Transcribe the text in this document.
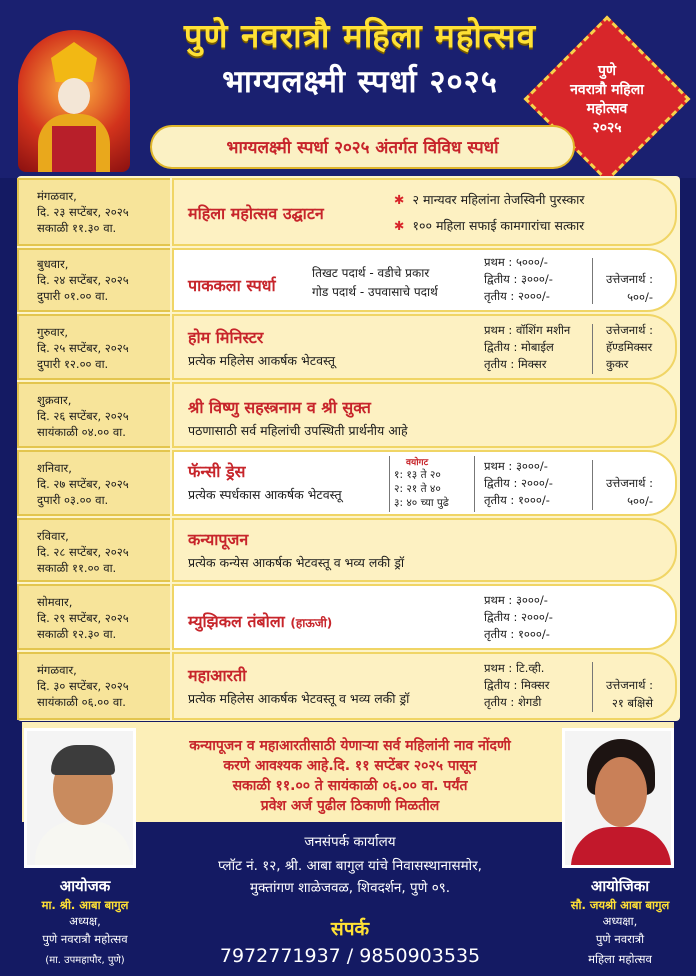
पुणे नवरात्रौ महिला महोत्सव
भाग्यलक्ष्मी स्पर्धा २०२५	पुणे
नवरात्रौ महिला
महोत्सव
२०२५
भाग्यलक्ष्मी स्पर्धा २०२५ अंतर्गत विविध स्पर्धा
मंगळवार,
दि. २३ सप्टेंबर, २०२५
सकाळी ११.३० वा.
महिला महोत्सव उद्घाटन
✱ २ मान्यवर महिलांना तेजस्विनी पुरस्कार
✱ १०० महिला सफाई कामगारांचा सत्कार
बुधवार,
दि. २४ सप्टेंबर, २०२५
दुपारी ०१.०० वा.
पाककला स्पर्धा
तिखट पदार्थ - वडीचे प्रकार
गोड पदार्थ - उपवासाचे पदार्थ
प्रथम : ५०००/-
द्वितीय : ३०००/-
तृतीय : २०००/-
उत्तेजनार्थ :
५००/-
गुरुवार,
दि. २५ सप्टेंबर, २०२५
दुपारी १२.०० वा.
होम मिनिस्टर
प्रत्येक महिलेस आकर्षक भेटवस्तू
प्रथम : वॉशिंग मशीन
द्वितीय : मोबाईल
तृतीय : मिक्सर
उत्तेजनार्थ :
हॅण्डमिक्सर
कुकर
शुक्रवार,
दि. २६ सप्टेंबर, २०२५
सायंकाळी ०४.०० वा.
श्री विष्णु सहस्त्रनाम व श्री सुक्त
पठणासाठी सर्व महिलांची उपस्थिती प्रार्थनीय आहे
शनिवार,
दि. २७ सप्टेंबर, २०२५
दुपारी ०३.०० वा.
फॅन्सी ड्रेस
प्रत्येक स्पर्धकास आकर्षक भेटवस्तू
वयोगट
१: १३ ते २०
२: २१ ते ४०
३: ४० च्या पुढे
प्रथम : ३०००/-
द्वितीय : २०००/-
तृतीय : १०००/-
उत्तेजनार्थ :
५००/-
रविवार,
दि. २८ सप्टेंबर, २०२५
सकाळी ११.०० वा.
कन्यापूजन
प्रत्येक कन्येस आकर्षक भेटवस्तू व भव्य लकी ड्रॉ
सोमवार,
दि. २९ सप्टेंबर, २०२५
सकाळी १२.३० वा.
म्युझिकल तंबोला (हाऊजी)
प्रथम : ३०००/-
द्वितीय : २०००/-
तृतीय : १०००/-
मंगळवार,
दि. ३० सप्टेंबर, २०२५
सायंकाळी ०६.०० वा.
महाआरती
प्रत्येक महिलेस आकर्षक भेटवस्तू व भव्य लकी ड्रॉ
प्रथम : टि.व्ही.
द्वितीय : मिक्सर
तृतीय : शेगडी
उत्तेजनार्थ :
२१ बक्षिसे
कन्यापूजन व महाआरतीसाठी येणाऱ्या सर्व महिलांनी नाव नोंदणी
करणे आवश्यक आहे.दि. ११ सप्टेंबर २०२५ पासून
सकाळी ११.०० ते सायंकाळी ०६.०० वा. पर्यंत
प्रवेश अर्ज पुढील ठिकाणी मिळतील
जनसंपर्क कार्यालय
प्लॉट नं. १२, श्री. आबा बागुल यांचे निवासस्थानासमोर,
मुक्तांगण शाळेजवळ, शिवदर्शन, पुणे ०९.
संपर्क
7972771937 / 9850903535
आयोजक
मा. श्री. आबा बागुल
अध्यक्ष,
पुणे नवरात्रौ महोत्सव
(मा. उपमहापौर, पुणे)
आयोजिका
सौ. जयश्री आबा बागुल
अध्यक्षा,
पुणे नवरात्रौ
महिला महोत्सव
